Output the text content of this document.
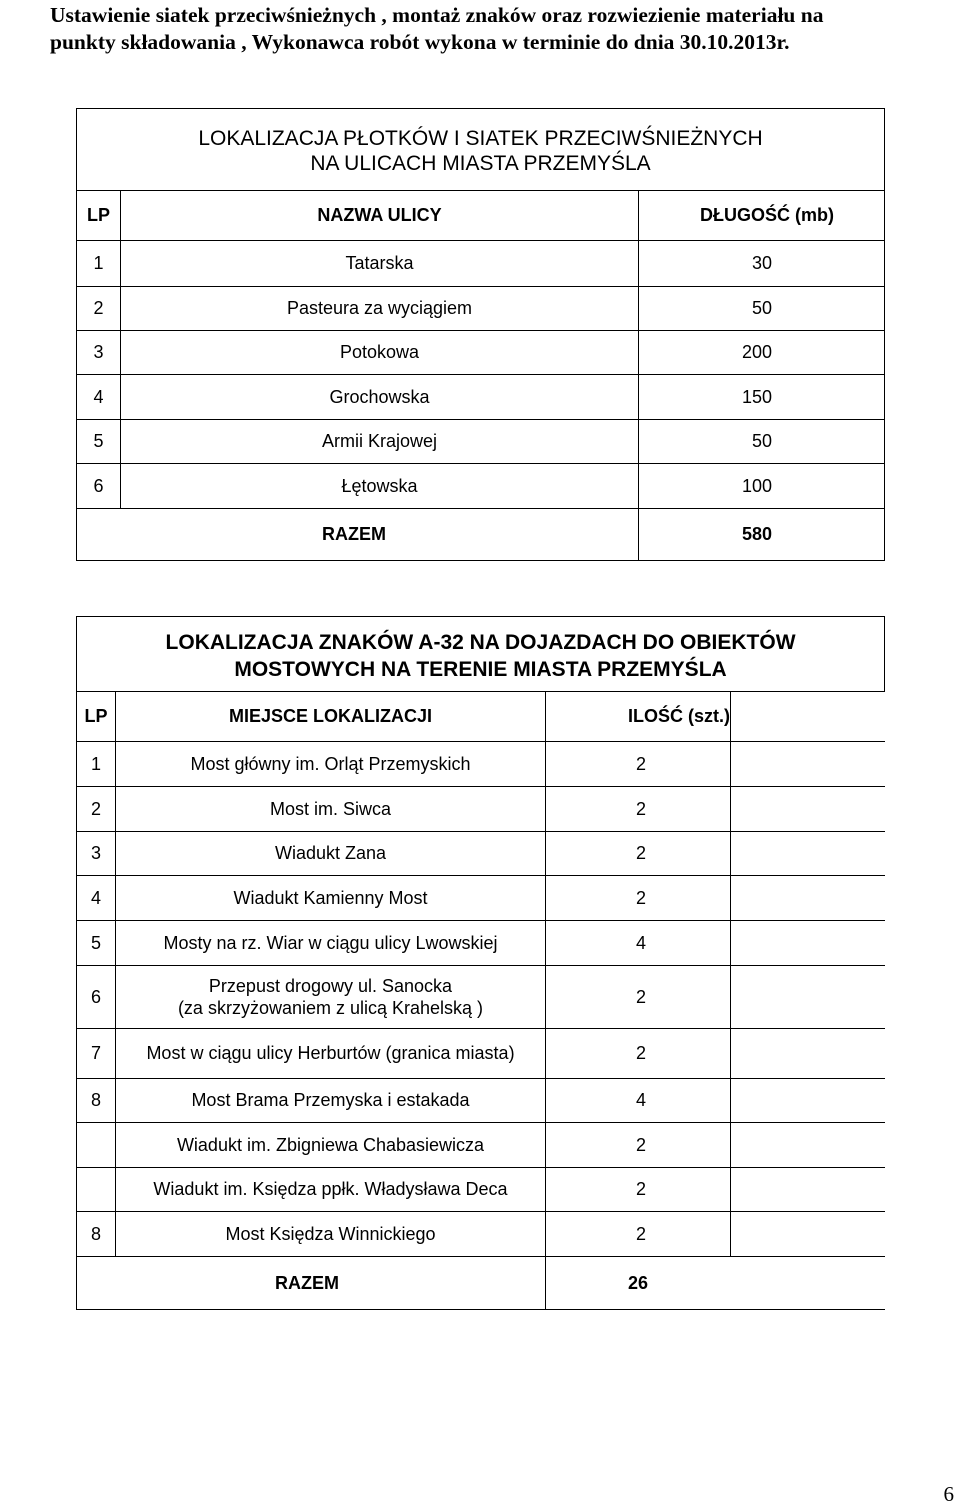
Ustawienie siatek przeciwśnieżnych , montaż znaków oraz rozwiezienie materiału na
punkty składowania , Wykonawca robót wykona w terminie do dnia 30.10.2013r.
LOKALIZACJA PŁOTKÓW I SIATEK PRZECIWŚNIEŻNYCH
NA ULICACH MIASTA PRZEMYŚLA		

LP	NAZWA ULICY	DŁUGOŚĆ (mb)
1	Tatarska	30
2	Pasteura za wyciągiem	50
3	Potokowa	200
4	Grochowska	150
5	Armii Krajowej	50
6	Łętowska	100
RAZEM		580
LOKALIZACJA ZNAKÓW A-32 NA DOJAZDACH DO OBIEKTÓW
MOSTOWYCH NA TERENIE MIASTA PRZEMYŚLA			

LP	MIEJSCE LOKALIZACJI	ILOŚĆ (szt.)	
1	Most główny im. Orląt Przemyskich	2	
2	Most im. Siwca	2	
3	Wiadukt Zana	2	
4	Wiadukt Kamienny Most	2	
5	Mosty na rz. Wiar w ciągu ulicy Lwowskiej	4	
6	Przepust drogowy ul. Sanocka
(za skrzyżowaniem z ulicą Krahelską )	2	
7	Most w ciągu ulicy Herburtów (granica miasta)	2	
8	Most Brama Przemyska i estakada	4	
	Wiadukt im. Zbigniewa Chabasiewicza	2	
	Wiadukt im. Księdza ppłk. Władysława Deca	2	
8	Most Księdza Winnickiego	2	
RAZEM		26	
6
